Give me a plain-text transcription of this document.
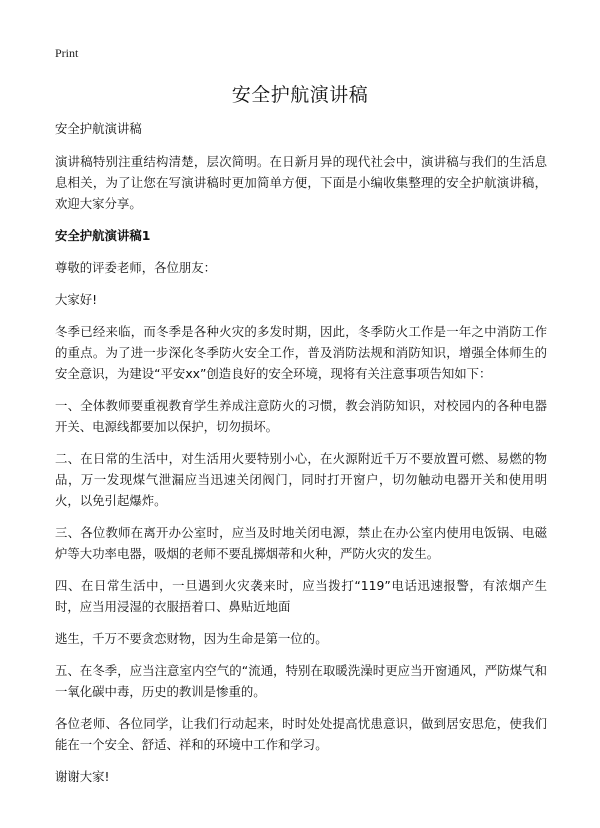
Print
安全护航演讲稿

安全护航演讲稿

演讲稿特别注重结构清楚，层次简明。在日新月异的现代社会中，演讲稿与我们的生活息息相关，为了让您在写演讲稿时更加简单方便，下面是小编收集整理的安全护航演讲稿，欢迎大家分享。

安全护航演讲稿1

尊敬的评委老师，各位朋友：

大家好!

冬季已经来临，而冬季是各种火灾的多发时期，因此，冬季防火工作是一年之中消防工作的重点。为了进一步深化冬季防火安全工作，普及消防法规和消防知识，增强全体师生的安全意识，为建设“平安xx”创造良好的安全环境，现将有关注意事项告知如下：

一、全体教师要重视教育学生养成注意防火的习惯，教会消防知识，对校园内的各种电器开关、电源线都要加以保护，切勿损坏。

二、在日常的生活中，对生活用火要特别小心，在火源附近千万不要放置可燃、易燃的物品，万一发现煤气泄漏应当迅速关闭阀门，同时打开窗户，切勿触动电器开关和使用明火，以免引起爆炸。

三、各位教师在离开办公室时，应当及时地关闭电源，禁止在办公室内使用电饭锅、电磁炉等大功率电器，吸烟的老师不要乱掷烟蒂和火种，严防火灾的发生。

四、在日常生活中，一旦遇到火灾袭来时，应当拨打“119”电话迅速报警，有浓烟产生时，应当用浸湿的衣服捂着口、鼻贴近地面

逃生，千万不要贪恋财物，因为生命是第一位的。

五、在冬季，应当注意室内空气的“流通，特别在取暖洗澡时更应当开窗通风，严防煤气和一氧化碳中毒，历史的教训是惨重的。

各位老师、各位同学，让我们行动起来，时时处处提高忧患意识，做到居安思危，使我们能在一个安全、舒适、祥和的环境中工作和学习。

谢谢大家!
